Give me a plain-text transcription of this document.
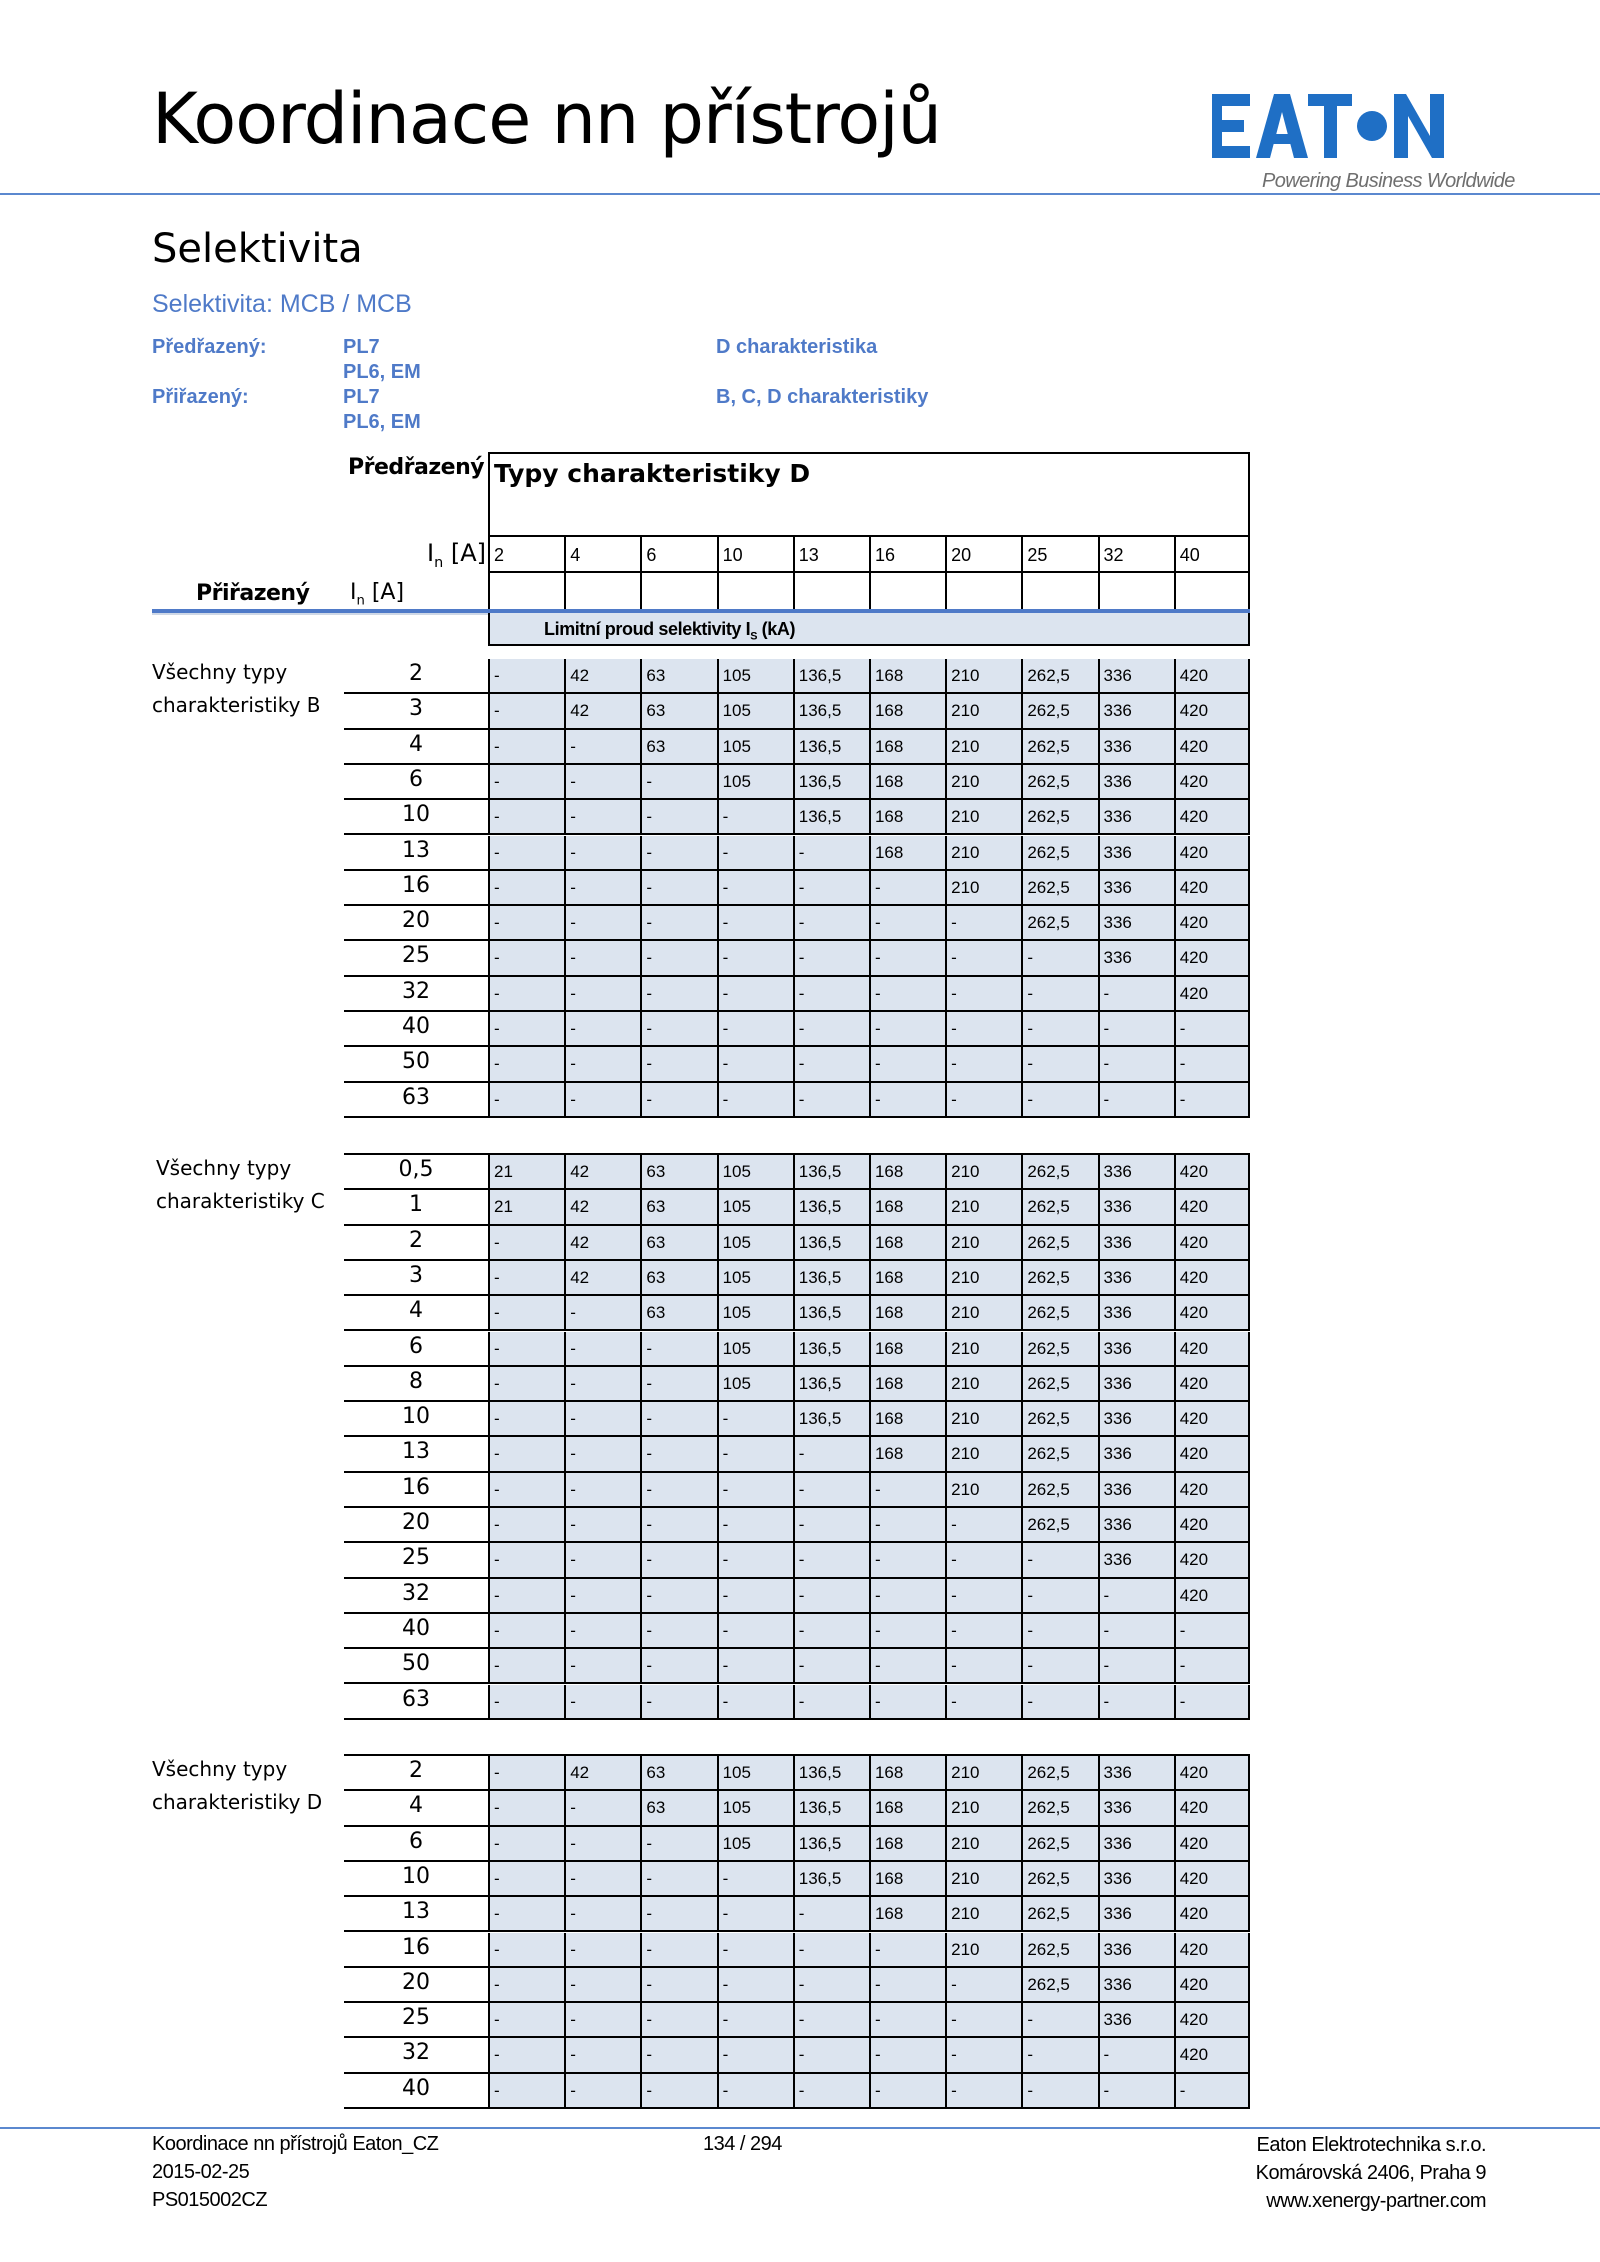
Koordinace nn přístrojů
Powering Business Worldwide
Selektivita
Selektivita: MCB / MCB
Předřazený:	PL7
PL6, EM
D charakteristika
Přiřazený:	PL7
PL6, EM
B, C, D charakteristiky
Předřazený Typy charakteristiky D
$I_n$ [A] 2	4	6	10	13	16	20	25	32	40
Přiřazený $I_n$ [A]
Limitní proud selektivity $I_S$ (kA)
Všechny typy
charakteristiky B
2	-	42	63	105	136,5	168	210	262,5	336	420
3	-	42	63	105	136,5	168	210	262,5	336	420
4	-	-	63	105	136,5	168	210	262,5	336	420
6	-	-	-	105	136,5	168	210	262,5	336	420
10	-	-	-	-	136,5	168	210	262,5	336	420
13	-	-	-	-	-	168	210	262,5	336	420
16	-	-	-	-	-	-	210	262,5	336	420
20	-	-	-	-	-	-	-	262,5	336	420
25	-	-	-	-	-	-	-	-	336	420
32	-	-	-	-	-	-	-	-	-	420
40	-	-	-	-	-	-	-	-	-	-
50	-	-	-	-	-	-	-	-	-	-
63	-	-	-	-	-	-	-	-	-	-
Všechny typy
charakteristiky C
0,5	21	42	63	105	136,5	168	210	262,5	336	420
1	21	42	63	105	136,5	168	210	262,5	336	420
2	-	42	63	105	136,5	168	210	262,5	336	420
3	-	42	63	105	136,5	168	210	262,5	336	420
4	-	-	63	105	136,5	168	210	262,5	336	420
6	-	-	-	105	136,5	168	210	262,5	336	420
8	-	-	-	105	136,5	168	210	262,5	336	420
10	-	-	-	-	136,5	168	210	262,5	336	420
13	-	-	-	-	-	168	210	262,5	336	420
16	-	-	-	-	-	-	210	262,5	336	420
20	-	-	-	-	-	-	-	262,5	336	420
25	-	-	-	-	-	-	-	-	336	420
32	-	-	-	-	-	-	-	-	-	420
40	-	-	-	-	-	-	-	-	-	-
50	-	-	-	-	-	-	-	-	-	-
63	-	-	-	-	-	-	-	-	-	-
Všechny typy
charakteristiky D
2	-	42	63	105	136,5	168	210	262,5	336	420
4	-	-	63	105	136,5	168	210	262,5	336	420
6	-	-	-	105	136,5	168	210	262,5	336	420
10	-	-	-	-	136,5	168	210	262,5	336	420
13	-	-	-	-	-	168	210	262,5	336	420
16	-	-	-	-	-	-	210	262,5	336	420
20	-	-	-	-	-	-	-	262,5	336	420
25	-	-	-	-	-	-	-	-	336	420
32	-	-	-	-	-	-	-	-	-	420
40	-	-	-	-	-	-	-	-	-	-
Koordinace nn přístrojů Eaton_CZ
2015-02-25
PS015002CZ
134 / 294	Eaton Elektrotechnika s.r.o.
Komárovská 2406, Praha 9
www.xenergy-partner.com
